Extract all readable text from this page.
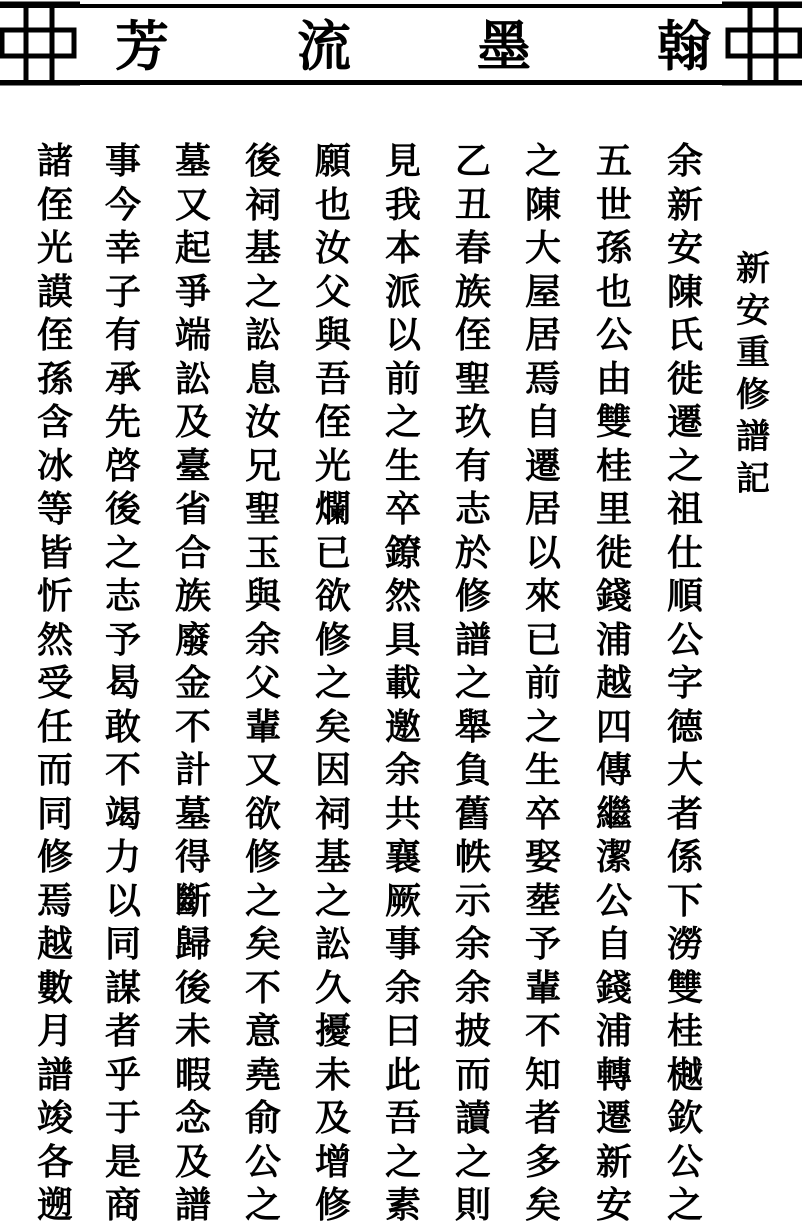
芳 流 墨 翰
新安重修譜記
余新安陳氏徙遷之祖仕順公字德大者係下澇雙桂樾欽公之
五世孫也公由雙桂里徙錢浦越四傳繼潔公自錢浦轉遷新安
之陳大屋居焉自遷居以來已前之生卒娶塟予輩不知者多矣
乙丑春族侄聖玖有志於修譜之舉負舊帙示余余披而讀之則
見我本派以前之生卒鐐然具載邀余共襄厥事余曰此吾之素
願也汝父與吾侄光爛已欲修之矣因祠基之訟久擾未及增修
後祠基之訟息汝兄聖玉與余父輩又欲修之矣不意堯俞公之
墓又起爭端訟及臺省合族廢金不計墓得斷歸後未暇念及譜
事今幸子有承先啓後之志予曷敢不竭力以同謀者乎于是商
諸侄光謨侄孫含冰等皆忻然受任而同修焉越數月譜竣各遡
